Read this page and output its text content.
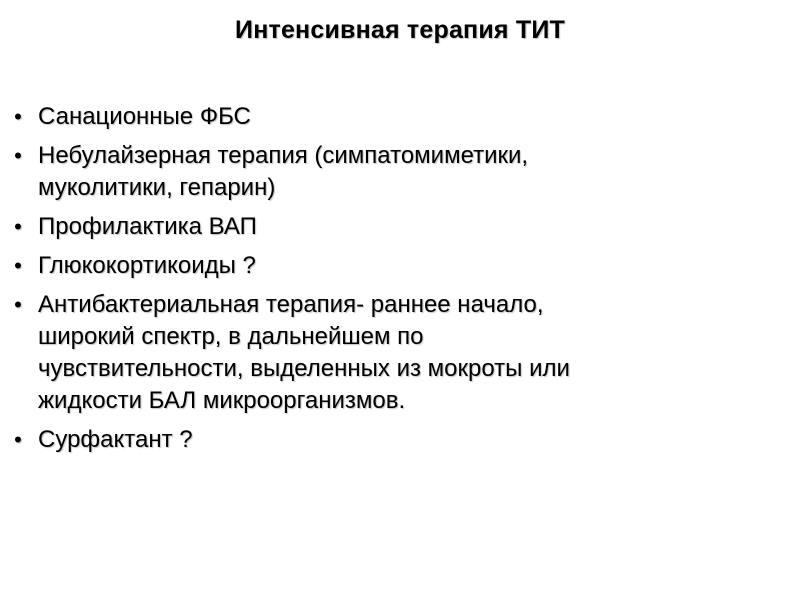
Интенсивная терапия ТИТ
• Санационные ФБС
• Небулайзерная терапия (симпатомиметики,
муколитики, гепарин)
• Профилактика ВАП
• Глюкокортикоиды ?
• Антибактериальная терапия- раннее начало,
широкий спектр, в дальнейшем по
чувствительности, выделенных из мокроты или
жидкости БАЛ микроорганизмов.
• Сурфактант ?
